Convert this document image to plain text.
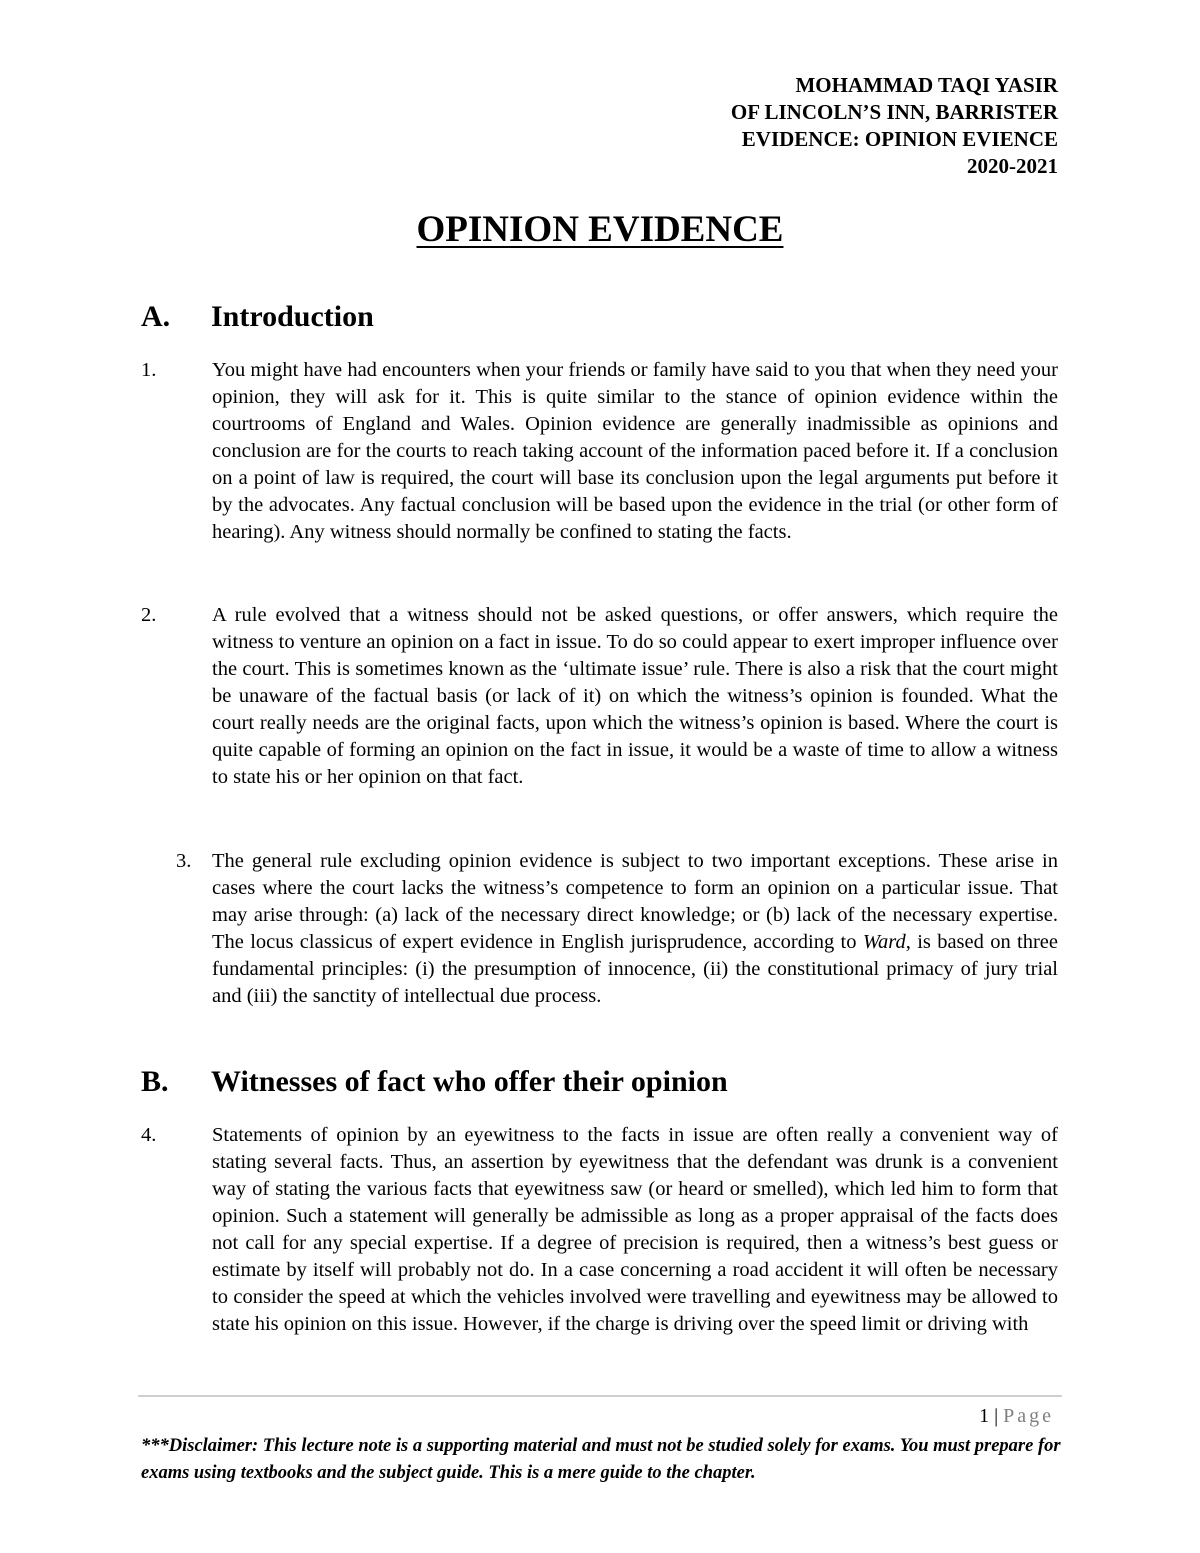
MOHAMMAD TAQI YASIR
OF LINCOLN’S INN, BARRISTER
EVIDENCE: OPINION EVIENCE
2020-2021
OPINION EVIDENCE
A. Introduction
1.	You might have had encounters when your friends or family have said to you that when they need your opinion, they will ask for it. This is quite similar to the stance of opinion evidence within the courtrooms of England and Wales. Opinion evidence are generally inadmissible as opinions and conclusion are for the courts to reach taking account of the information paced before it. If a conclusion on a point of law is required, the court will base its conclusion upon the legal arguments put before it by the advocates. Any factual conclusion will be based upon the evidence in the trial (or other form of hearing). Any witness should normally be confined to stating the facts.
2.	A rule evolved that a witness should not be asked questions, or offer answers, which require the witness to venture an opinion on a fact in issue. To do so could appear to exert improper influence over the court. This is sometimes known as the ‘ultimate issue’ rule. There is also a risk that the court might be unaware of the factual basis (or lack of it) on which the witness’s opinion is founded. What the court really needs are the original facts, upon which the witness’s opinion is based. Where the court is quite capable of forming an opinion on the fact in issue, it would be a waste of time to allow a witness to state his or her opinion on that fact.
3. The general rule excluding opinion evidence is subject to two important exceptions. These arise in cases where the court lacks the witness’s competence to form an opinion on a particular issue. That may arise through: (a) lack of the necessary direct knowledge; or (b) lack of the necessary expertise. The locus classicus of expert evidence in English jurisprudence, according to Ward, is based on three fundamental principles: (i) the presumption of innocence, (ii) the constitutional primacy of jury trial and (iii) the sanctity of intellectual due process.
B. Witnesses of fact who offer their opinion
4.	Statements of opinion by an eyewitness to the facts in issue are often really a convenient way of stating several facts. Thus, an assertion by eyewitness that the defendant was drunk is a convenient way of stating the various facts that eyewitness saw (or heard or smelled), which led him to form that opinion. Such a statement will generally be admissible as long as a proper appraisal of the facts does not call for any special expertise. If a degree of precision is required, then a witness’s best guess or estimate by itself will probably not do. In a case concerning a road accident it will often be necessary to consider the speed at which the vehicles involved were travelling and eyewitness may be allowed to state his opinion on this issue. However, if the charge is driving over the speed limit or driving with
1 | Page
***Disclaimer: This lecture note is a supporting material and must not be studied solely for exams. You must prepare for exams using textbooks and the subject guide. This is a mere guide to the chapter.
